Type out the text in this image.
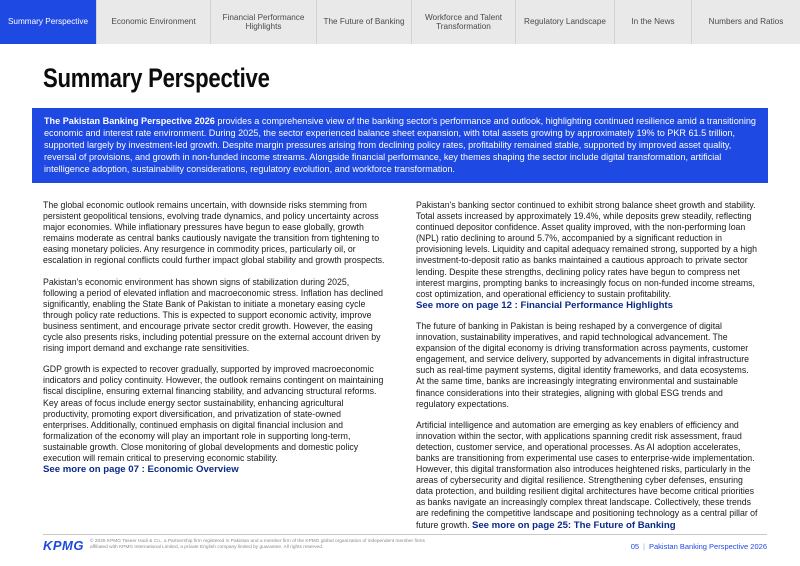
Summary Perspective	Economic Environment
Financial Performance Highlights
The Future of Banking
Workforce and Talent Transformation
Regulatory Landscape	In the News	Numbers and Ratios
Summary Perspective
The Pakistan Banking Perspective 2026 provides a comprehensive view of the banking sector's performance and outlook, highlighting continued resilience amid a transitioning economic and interest rate environment. During 2025, the sector experienced balance sheet expansion, with total assets growing by approximately 19% to PKR 61.5 trillion, supported largely by investment-led growth. Despite margin pressures arising from declining policy rates, profitability remained stable, supported by improved asset quality, reversal of provisions, and growth in non-funded income streams. Alongside financial performance, key themes shaping the sector include digital transformation, artificial intelligence adoption, sustainability considerations, regulatory evolution, and workforce transformation.

The global economic outlook remains uncertain, with downside risks stemming from persistent geopolitical tensions, evolving trade dynamics, and policy uncertainty across major economies. While inflationary pressures have begun to ease globally, growth remains moderate as central banks cautiously navigate the transition from tightening to easing monetary policies. Any resurgence in commodity prices, particularly oil, or escalation in regional conflicts could further impact global stability and growth prospects.

Pakistan's economic environment has shown signs of stabilization during 2025, following a period of elevated inflation and macroeconomic stress. Inflation has declined significantly, enabling the State Bank of Pakistan to initiate a monetary easing cycle through policy rate reductions. This is expected to support economic activity, improve business sentiment, and encourage private sector credit growth. However, the easing cycle also presents risks, including potential pressure on the external account driven by rising import demand and exchange rate sensitivities.

GDP growth is expected to recover gradually, supported by improved macroeconomic indicators and policy continuity. However, the outlook remains contingent on maintaining fiscal discipline, ensuring external financing stability, and advancing structural reforms. Key areas of focus include energy sector sustainability, enhancing agricultural productivity, promoting export diversification, and privatization of state-owned enterprises. Additionally, continued emphasis on digital financial inclusion and formalization of the economy will play an important role in supporting long-term, sustainable growth. Close monitoring of global developments and domestic policy execution will remain critical to preserving economic stability.

See more on page 07 : Economic Overview

Pakistan's banking sector continued to exhibit strong balance sheet growth and stability. Total assets increased by approximately 19.4%, while deposits grew steadily, reflecting continued depositor confidence. Asset quality improved, with the non-performing loan (NPL) ratio declining to around 5.7%, accompanied by a significant reduction in provisioning levels. Liquidity and capital adequacy remained strong, supported by a high investment-to-deposit ratio as banks maintained a cautious approach to private sector lending. Despite these strengths, declining policy rates have begun to compress net interest margins, prompting banks to increasingly focus on non-funded income streams, cost optimization, and operational efficiency to sustain profitability.

See more on page 12 : Financial Performance Highlights

The future of banking in Pakistan is being reshaped by a convergence of digital innovation, sustainability imperatives, and rapid technological advancement. The expansion of the digital economy is driving transformation across payments, customer engagement, and service delivery, supported by advancements in digital infrastructure such as real-time payment systems, digital identity frameworks, and data ecosystems. At the same time, banks are increasingly integrating environmental and sustainable finance considerations into their strategies, aligning with global ESG trends and regulatory expectations.

Artificial intelligence and automation are emerging as key enablers of efficiency and innovation within the sector, with applications spanning credit risk assessment, fraud detection, customer service, and operational processes. As AI adoption accelerates, banks are transitioning from experimental use cases to enterprise-wide implementation. However, this digital transformation also introduces heightened risks, particularly in the areas of cybersecurity and digital resilience. Strengthening cyber defenses, ensuring data protection, and building resilient digital architectures have become critical priorities as banks navigate an increasingly complex threat landscape. Collectively, these trends are redefining the competitive landscape and positioning technology as a central pillar of future growth. See more on page 25: The Future of Banking

KPMG © 2026 KPMG Taseer Hadi & Co., a Partnership firm registered in Pakistan and a member firm of the KPMG global organization of independent member firms affiliated with KPMG International Limited, a private English company limited by guarantee. All rights reserved.	05 | Pakistan Banking Perspective 2026
